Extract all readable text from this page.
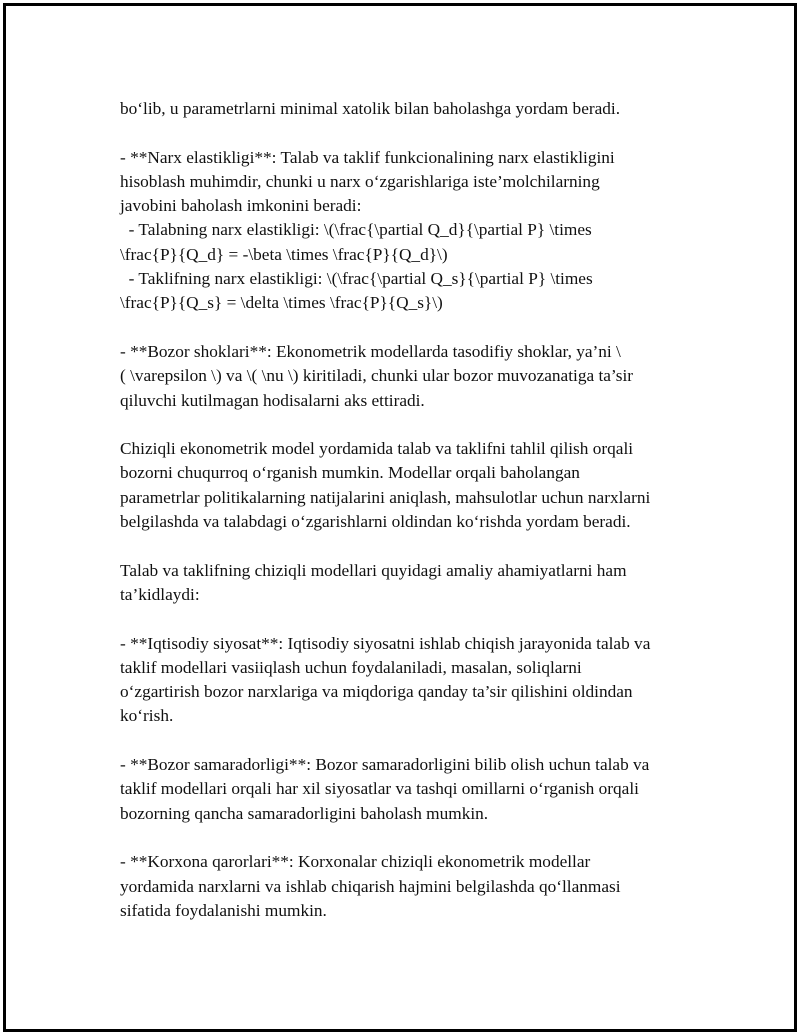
bo‘lib, u parametrlarni minimal xatolik bilan baholashga yordam beradi.

- **Narx elastikligi**: Talab va taklif funkcionalining narx elastikligini
hisoblash muhimdir, chunki u narx o‘zgarishlariga iste’molchilarning
javobini baholash imkonini beradi:
- Talabning narx elastikligi: \(\frac{\partial Q_d}{\partial P} \times
\frac{P}{Q_d} = -\beta \times \frac{P}{Q_d}\)
- Taklifning narx elastikligi: \(\frac{\partial Q_s}{\partial P} \times
\frac{P}{Q_s} = \delta \times \frac{P}{Q_s}\)

- **Bozor shoklari**: Ekonometrik modellarda tasodifiy shoklar, ya’ni \
( \varepsilon \) va \( \nu \) kiritiladi, chunki ular bozor muvozanatiga ta’sir
qiluvchi kutilmagan hodisalarni aks ettiradi.

Chiziqli ekonometrik model yordamida talab va taklifni tahlil qilish orqali
bozorni chuqurroq o‘rganish mumkin. Modellar orqali baholangan
parametrlar politikalarning natijalarini aniqlash, mahsulotlar uchun narxlarni
belgilashda va talabdagi o‘zgarishlarni oldindan ko‘rishda yordam beradi.

Talab va taklifning chiziqli modellari quyidagi amaliy ahamiyatlarni ham
ta’kidlaydi:

- **Iqtisodiy siyosat**: Iqtisodiy siyosatni ishlab chiqish jarayonida talab va
taklif modellari vasiiqlash uchun foydalaniladi, masalan, soliqlarni
o‘zgartirish bozor narxlariga va miqdoriga qanday ta’sir qilishini oldindan
ko‘rish.

- **Bozor samaradorligi**: Bozor samaradorligini bilib olish uchun talab va
taklif modellari orqali har xil siyosatlar va tashqi omillarni o‘rganish orqali
bozorning qancha samaradorligini baholash mumkin.

- **Korxona qarorlari**: Korxonalar chiziqli ekonometrik modellar
yordamida narxlarni va ishlab chiqarish hajmini belgilashda qo‘llanmasi
sifatida foydalanishi mumkin.
